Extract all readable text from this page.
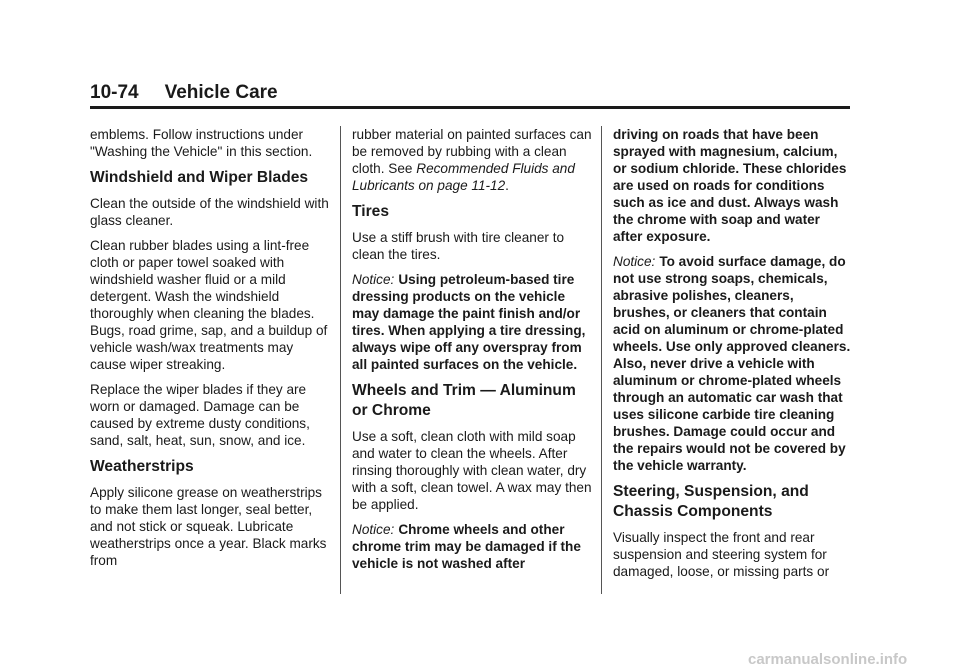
10-74 Vehicle Care

emblems. Follow instructions under "Washing the Vehicle" in this section.

Windshield and Wiper Blades

Clean the outside of the windshield with glass cleaner.

Clean rubber blades using a lint-free cloth or paper towel soaked with windshield washer fluid or a mild detergent. Wash the windshield thoroughly when cleaning the blades. Bugs, road grime, sap, and a buildup of vehicle wash/wax treatments may cause wiper streaking.

Replace the wiper blades if they are worn or damaged. Damage can be caused by extreme dusty conditions, sand, salt, heat, sun, snow, and ice.

Weatherstrips

Apply silicone grease on weatherstrips to make them last longer, seal better, and not stick or squeak. Lubricate weatherstrips once a year. Black marks from

rubber material on painted surfaces can be removed by rubbing with a clean cloth. See Recommended Fluids and Lubricants on page 11-12.

Tires

Use a stiff brush with tire cleaner to clean the tires.

Notice: Using petroleum-based tire dressing products on the vehicle may damage the paint finish and/or tires. When applying a tire dressing, always wipe off any overspray from all painted surfaces on the vehicle.

Wheels and Trim — Aluminum or Chrome

Use a soft, clean cloth with mild soap and water to clean the wheels. After rinsing thoroughly with clean water, dry with a soft, clean towel. A wax may then be applied.

Notice: Chrome wheels and other chrome trim may be damaged if the vehicle is not washed after

driving on roads that have been sprayed with magnesium, calcium, or sodium chloride. These chlorides are used on roads for conditions such as ice and dust. Always wash the chrome with soap and water after exposure.

Notice: To avoid surface damage, do not use strong soaps, chemicals, abrasive polishes, cleaners, brushes, or cleaners that contain acid on aluminum or chrome-plated wheels. Use only approved cleaners. Also, never drive a vehicle with aluminum or chrome-plated wheels through an automatic car wash that uses silicone carbide tire cleaning brushes. Damage could occur and the repairs would not be covered by the vehicle warranty.

Steering, Suspension, and Chassis Components

Visually inspect the front and rear suspension and steering system for damaged, loose, or missing parts or

carmanualsonline.info
